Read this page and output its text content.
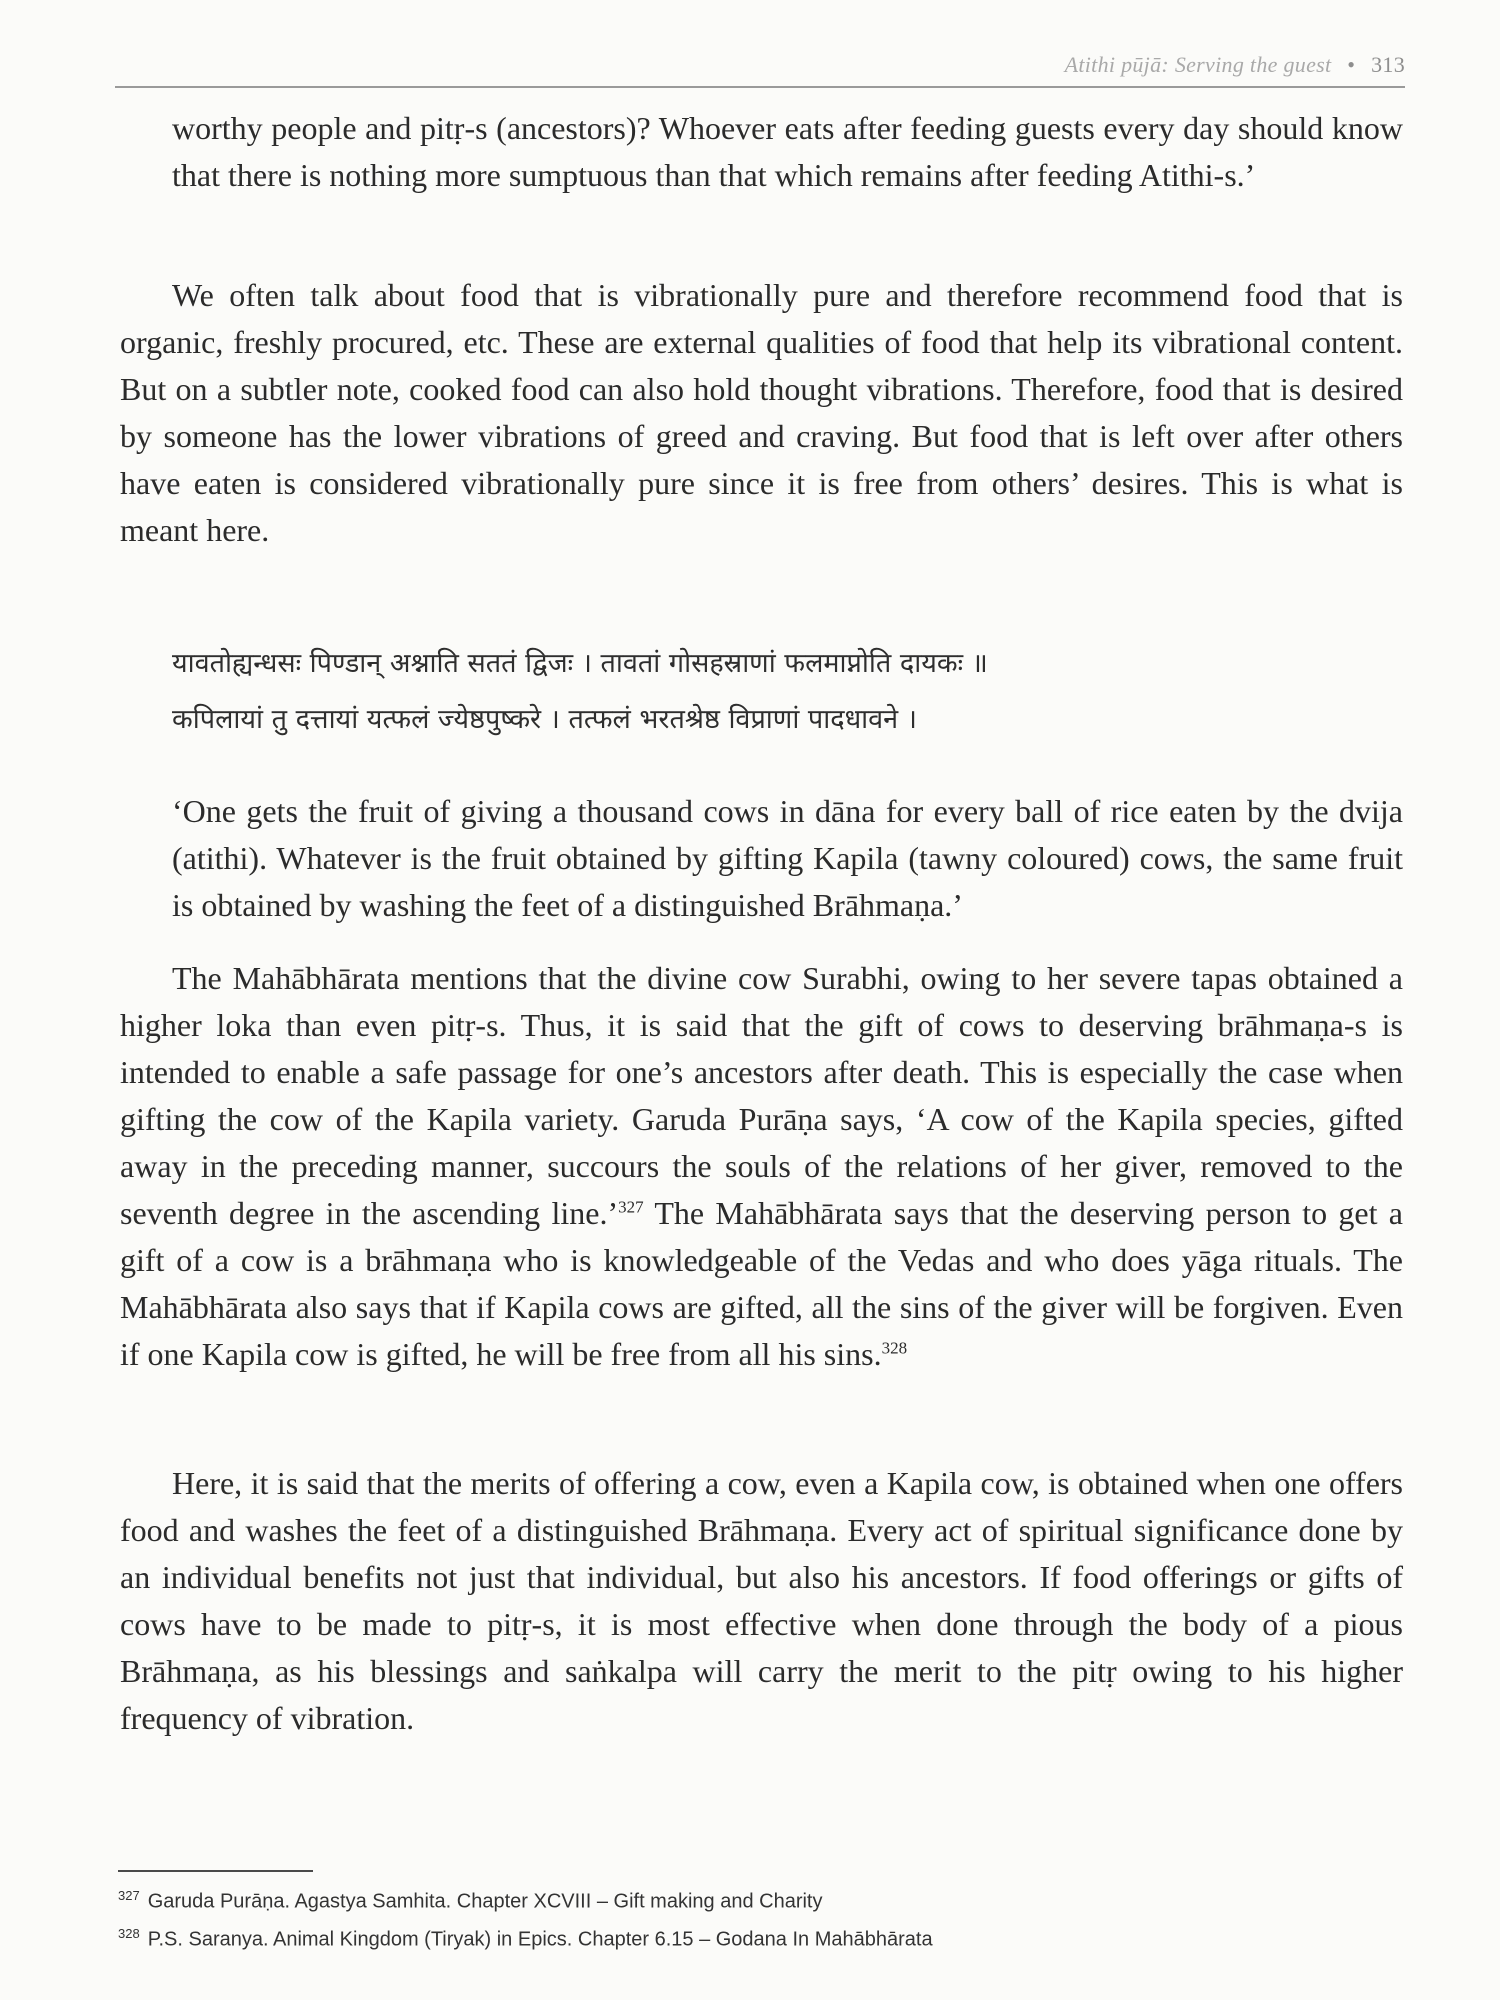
Atithi pūjā: Serving the guest • 313

worthy people and pitṛ-s (ancestors)? Whoever eats after feeding guests every day should know that there is nothing more sumptuous than that which remains after feeding Atithi-s.’

We often talk about food that is vibrationally pure and therefore recommend food that is organic, freshly procured, etc. These are external qualities of food that help its vibrational content. But on a subtler note, cooked food can also hold thought vibrations. Therefore, food that is desired by someone has the lower vibrations of greed and craving. But food that is left over after others have eaten is considered vibrationally pure since it is free from others’ desires. This is what is meant here.

यावतोह्यन्धसः पिण्डान् अश्नाति सततं द्विजः । तावतां गोसहस्राणां फलमाप्नोति दायकः ॥
कपिलायां तु दत्तायां यत्फलं ज्येष्ठपुष्करे । तत्फलं भरतश्रेष्ठ विप्राणां पादधावने ।

‘One gets the fruit of giving a thousand cows in dāna for every ball of rice eaten by the dvija (atithi). Whatever is the fruit obtained by gifting Kapila (tawny coloured) cows, the same fruit is obtained by washing the feet of a distinguished Brāhmaṇa.’

The Mahābhārata mentions that the divine cow Surabhi, owing to her severe tapas obtained a higher loka than even pitṛ-s. Thus, it is said that the gift of cows to deserving brāhmaṇa-s is intended to enable a safe passage for one’s ancestors after death. This is especially the case when gifting the cow of the Kapila variety. Garuda Purāṇa says, ‘A cow of the Kapila species, gifted away in the preceding manner, succours the souls of the relations of her giver, removed to the seventh degree in the ascending line.’$^{327}$ The Mahābhārata says that the deserving person to get a gift of a cow is a brāhmaṇa who is knowledgeable of the Vedas and who does yāga rituals. The Mahābhārata also says that if Kapila cows are gifted, all the sins of the giver will be forgiven. Even if one Kapila cow is gifted, he will be free from all his sins.$^{328}$

Here, it is said that the merits of offering a cow, even a Kapila cow, is obtained when one offers food and washes the feet of a distinguished Brāhmaṇa. Every act of spiritual significance done by an individual benefits not just that individual, but also his ancestors. If food offerings or gifts of cows have to be made to pitṛ-s, it is most effective when done through the body of a pious Brāhmaṇa, as his blessings and saṅkalpa will carry the merit to the pitṛ owing to his higher frequency of vibration.

$^{327}$ Garuda Purāṇa. Agastya Samhita. Chapter XCVIII – Gift making and Charity
$^{328}$ P.S. Saranya. Animal Kingdom (Tiryak) in Epics. Chapter 6.15 – Godana In Mahābhārata
